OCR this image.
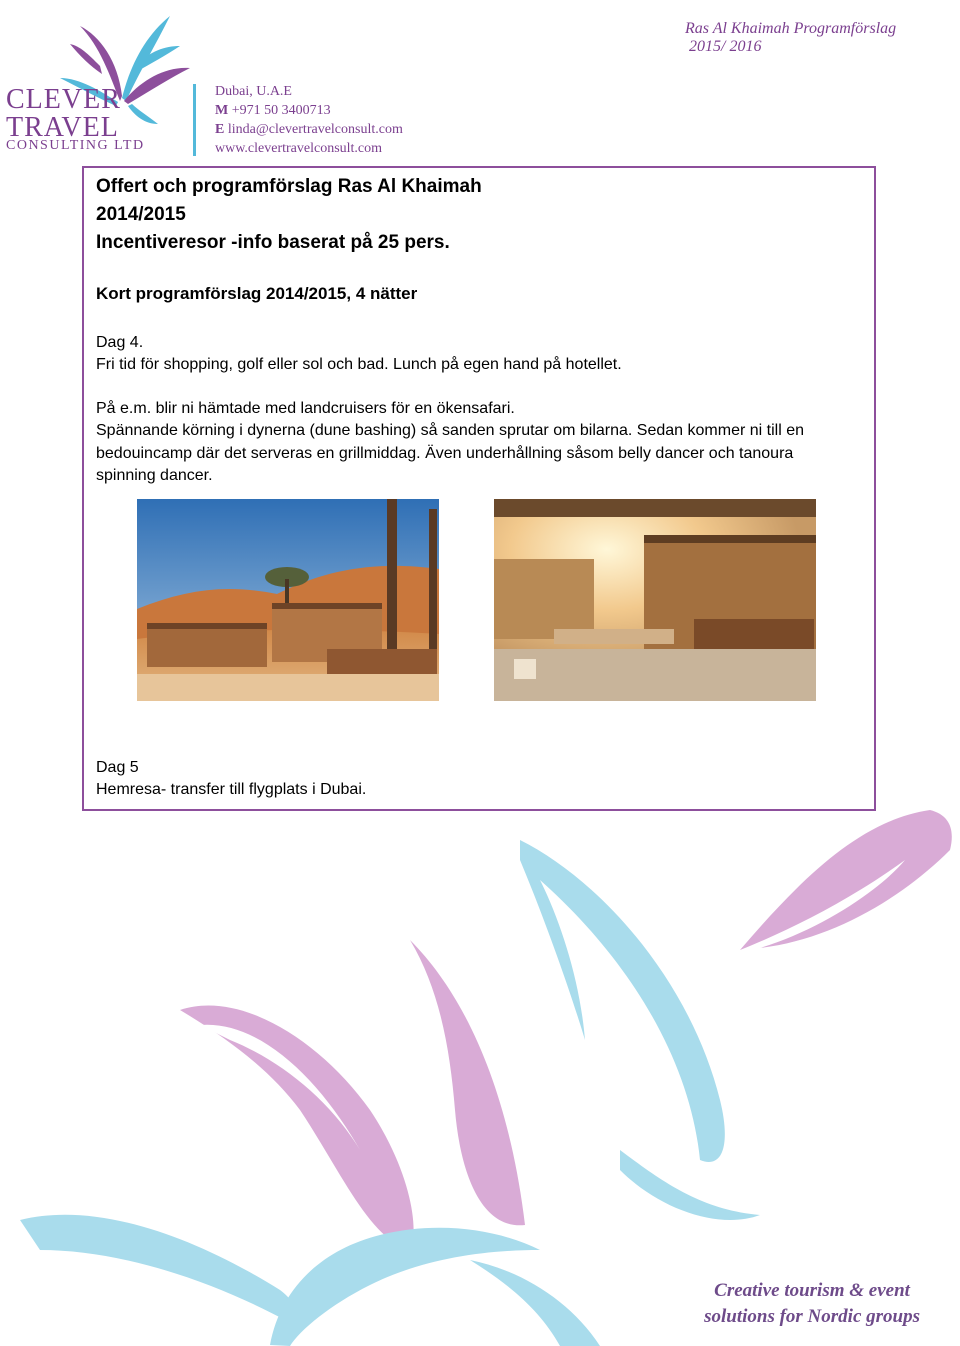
CLEVER
TRAVEL
CONSULTING LTD
Dubai, U.A.E
M +971 50 3400713
E linda@clevertravelconsult.com
www.clevertravelconsult.com
Ras Al Khaimah Programförslag
2015/ 2016
Offert och programförslag Ras Al Khaimah
2014/2015
Incentiveresor -info baserat på 25 pers.
Kort programförslag 2014/2015, 4 nätter
Dag 4.
Fri tid för shopping, golf eller sol och bad. Lunch på egen hand på hotellet.
På e.m. blir ni hämtade med landcruisers för en ökensafari.
Spännande körning i dynerna (dune bashing) så sanden sprutar om bilarna. Sedan kommer ni till en
bedouincamp där det serveras en grillmiddag. Även underhållning såsom belly dancer och tanoura
spinning dancer.
Dag 5
Hemresa- transfer till flygplats i Dubai.
Creative tourism & event
solutions for Nordic groups
